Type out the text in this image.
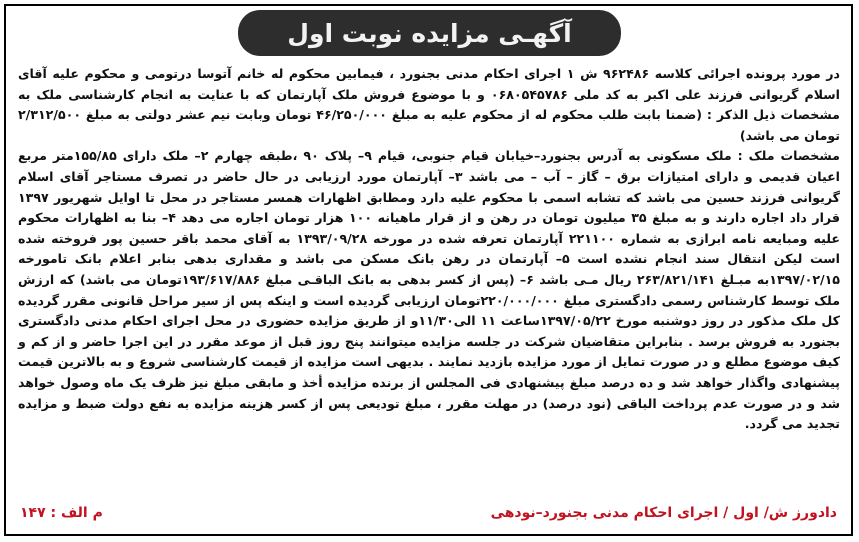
آگهـی مزایده نوبت اول

در مورد پرونده اجرائی کلاسه ۹۶۲۴۸۶ ش ۱ اجرای احکام مدنی بجنورد ، فیمابین محکوم له خانم آتوسا درتومی و محکوم علیه آقای اسلام گریوانی فرزند علی اکبر به کد ملی ۰۶۸۰۵۴۵۷۸۶ و با موضوع فروش ملک آپارتمان که با عنایت به انجام کارشناسی ملک به مشخصات ذیل الذکر : (ضمنا بابت طلب محکوم له از محکوم علیه به مبلغ ۴۶/۲۵۰/۰۰۰ تومان وبابت نیم عشر دولتی به مبلغ ۲/۳۱۲/۵۰۰ تومان می باشد)

مشخصات ملک : ملک مسکونی به آدرس بجنورد–خیابان قیام جنوبی، قیام ۹– پلاک ۹۰ ،طبقه چهارم ۲– ملک دارای ۱۵۵/۸۵متر مربع اعیان قدیمی و دارای امتیازات برق – گاز – آب – می باشد ۳– آپارتمان مورد ارزیابی در حال حاضر در تصرف مستاجر آقای اسلام گریوانی فرزند حسین می باشد که تشابه اسمی با محکوم علیه دارد ومطابق اظهارات همسر مستاجر در محل تا اوایل شهریور ۱۳۹۷ قرار داد اجاره دارند و به مبلغ ۳۵ میلیون تومان در رهن و از قرار ماهیانه ۱۰۰ هزار تومان اجاره می دهد ۴– بنا به اظهارات محکوم علیه ومبایعه نامه ابرازی به شماره ۲۲۱۱۰۰ آپارتمان تعرفه شده در مورخه ۱۳۹۳/۰۹/۲۸ به آقای محمد باقر حسین پور فروخته شده است لیکن انتقال سند انجام نشده است ۵– آپارتمان در رهن بانک مسکن می باشد و مقداری بدهی بنابر اعلام بانک تامورخه ۱۳۹۷/۰۲/۱۵به مبـلغ ۲۶۳/۸۲۱/۱۴۱ ریال مـی باشد ۶– (پس از کسر بدهی به بانک الباقـی مبلغ ۱۹۳/۶۱۷/۸۸۶تومان می باشد) که ارزش ملک توسط کارشناس رسمی دادگستری مبلغ ۲۲۰/۰۰۰/۰۰۰تومان ارزیابی گردیده است و اینکه پس از سیر مراحل قانونی مقرر گردیده کل ملک مذکور در روز دوشنبه مورخ ۱۳۹۷/۰۵/۲۲ساعت ۱۱ الی۱۱/۳۰و از طریق مزایده حضوری در محل اجرای احکام مدنی دادگستری بجنورد به فروش برسد . بنابراین متقاضیان شرکت در جلسه مزایده میتوانند پنج روز قبل از موعد مقرر در این اجرا حاضر و از کم و کیف موضوع مطلع و در صورت تمایل از مورد مزایده بازدید نمایند . بدیهی است مزایده از قیمت کارشناسی شروع و به بالاترین قیمت پیشنهادی واگذار خواهد شد و ده درصد مبلغ پیشنهادی فی المجلس از برنده مزایده أخذ و مابقی مبلغ نیز ظرف یک ماه وصول خواهد شد و در صورت عدم پرداخت الباقی (نود درصد) در مهلت مقرر ، مبلغ تودیعی پس از کسر هزینه مزایده به نفع دولت ضبط و مزایده تجدید می گردد.

دادورز ش/ اول / اجرای احکام مدنی بجنورد–نودهی
م الف : ۱۴۷
